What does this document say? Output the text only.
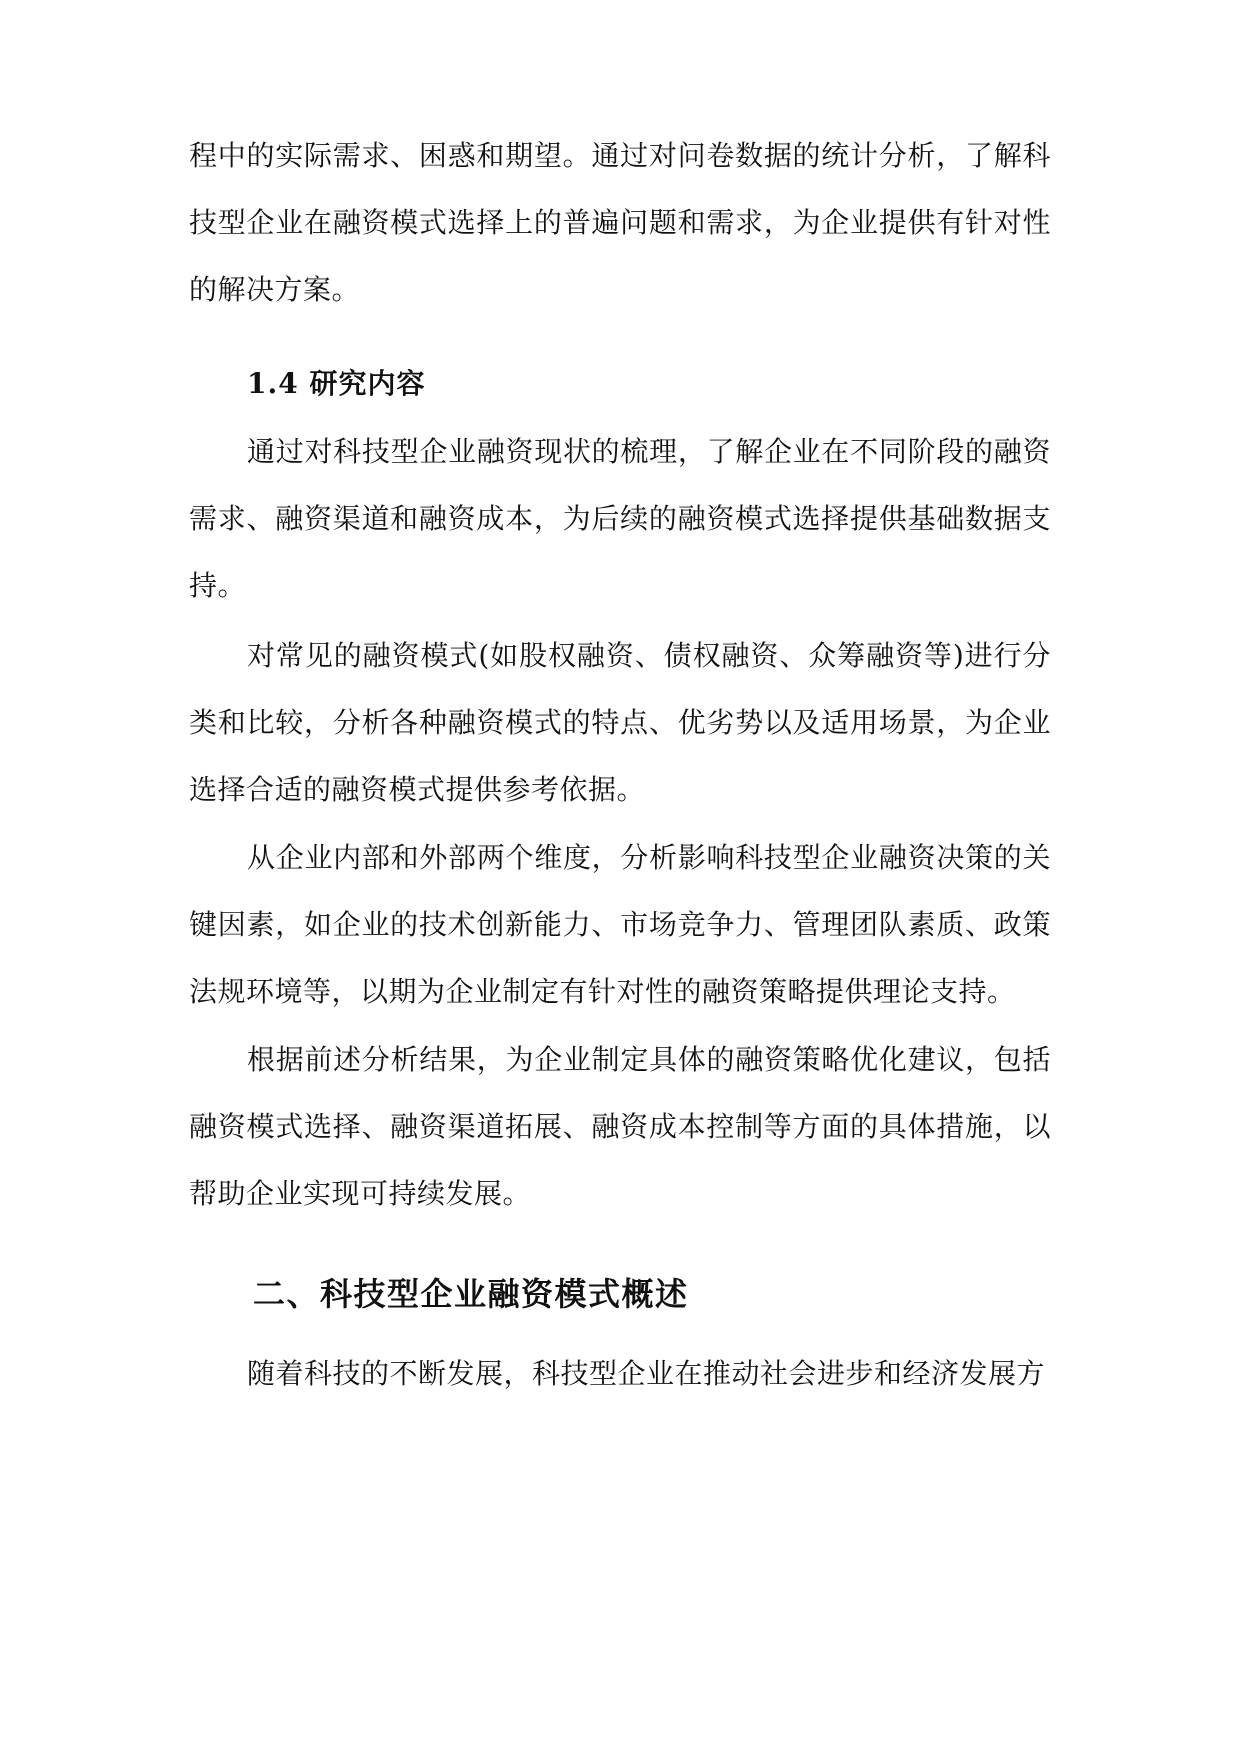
程中的实际需求、困惑和期望。通过对问卷数据的统计分析，了解科技型企业在融资模式选择上的普遍问题和需求，为企业提供有针对性的解决方案。

1.4 研究内容

通过对科技型企业融资现状的梳理，了解企业在不同阶段的融资需求、融资渠道和融资成本，为后续的融资模式选择提供基础数据支持。

对常见的融资模式(如股权融资、债权融资、众筹融资等)进行分类和比较，分析各种融资模式的特点、优劣势以及适用场景，为企业选择合适的融资模式提供参考依据。

从企业内部和外部两个维度，分析影响科技型企业融资决策的关键因素，如企业的技术创新能力、市场竞争力、管理团队素质、政策法规环境等，以期为企业制定有针对性的融资策略提供理论支持。

根据前述分析结果，为企业制定具体的融资策略优化建议，包括融资模式选择、融资渠道拓展、融资成本控制等方面的具体措施，以帮助企业实现可持续发展。

二、科技型企业融资模式概述

随着科技的不断发展，科技型企业在推动社会进步和经济发展方
